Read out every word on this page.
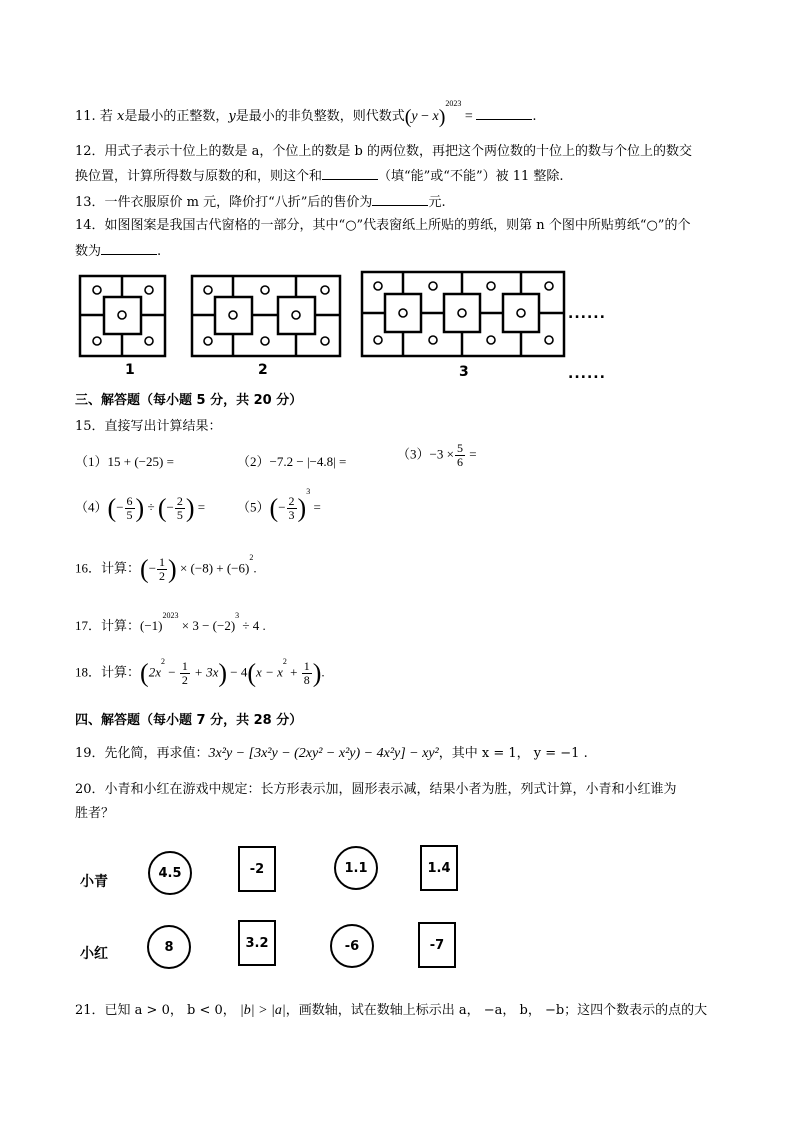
11. 若 x是最小的正整数，y是最小的非负整数，则代数式$(y - x)^{2023}$ =	.
12．用式子表示十位上的数是 a，个位上的数是 b 的两位数，再把这个两位数的十位上的数与个位上的数交
换位置，计算所得数与原数的和，则这个和	（填“能”或“不能”）被 11 整除.
13．一件衣服原价 m 元，降价打“八折”后的售价为	元.
14．如图图案是我国古代窗格的一部分，其中“○”代表窗纸上所贴的剪纸，则第 n 个图中所贴剪纸“○”的个
数为	.
1	2	3
......
......
三、解答题（每小题 5 分，共 20 分）
15．直接写出计算结果：
（1）15 + (−25) =	（2）−7.2 − |−4.8| =
$(3)-3 \times \frac{5}{6}$ =
$(4)(- \frac{6}{5}$ ) ÷ (− $\frac{2}{5}$ ) = $(5)(- \frac{2}{3} )^3$ =
16．计算：(− $\frac{1}{2}$ ) × $(-8) + (-6)^2$.
17．计算：$(-1)^{2023} \times 3 - (-2)^3 \div 4$ .
18．计算：$(2x^2 - \frac{1}{2} + 3x) - 4(x - x^2 + \frac{1}{8}$ ).
四、解答题（每小题 7 分，共 28 分）
19．先化简，再求值：3x²y − [3x²y − (2xy² − x²y) − 4x²y] − xy²，其中 x = 1， y = −1 .
20．小青和小红在游戏中规定：长方形表示加，圆形表示减，结果小者为胜，列式计算，小青和小红谁为
胜者？
小青
4.5	-2	1.1	1.4
小红	8	3.2	-6	-7
21．已知 a > 0， b < 0， |b| > |a|，画数轴，试在数轴上标示出 a， −a， b， −b；这四个数表示的点的大
